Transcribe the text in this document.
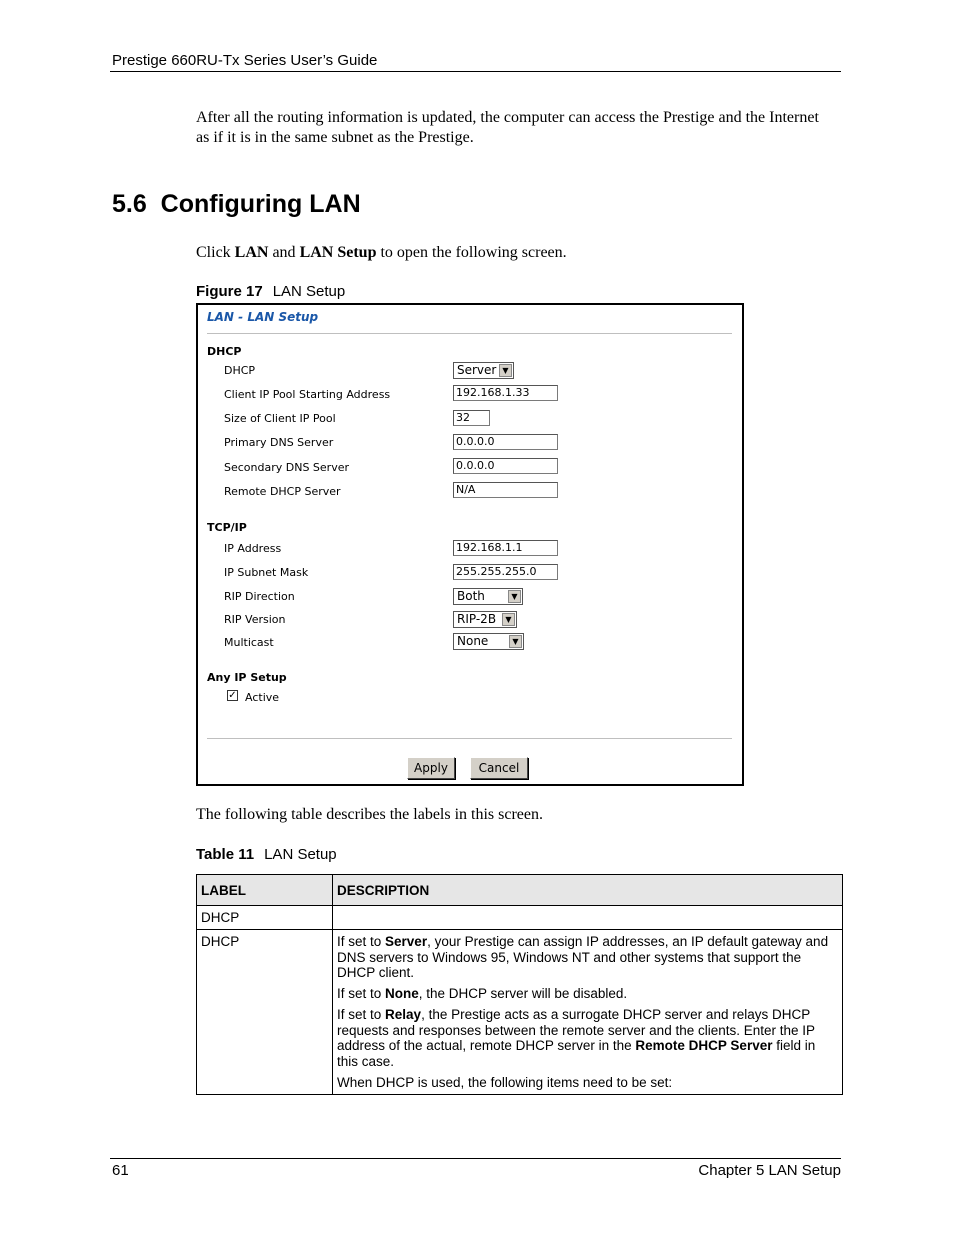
Prestige 660RU-Tx Series User’s Guide
After all the routing information is updated, the computer can access the Prestige and the Internet as if it is in the same subnet as the Prestige.
5.6 Configuring LAN
Click LAN and LAN Setup to open the following screen.
Figure 17 LAN Setup
LAN - LAN Setup
DHCP
DHCP	Server ▼
Client IP Pool Starting Address	192.168.1.33
Size of Client IP Pool	32
Primary DNS Server	0.0.0.0
Secondary DNS Server	0.0.0.0
Remote DHCP Server	N/A
TCP/IP
IP Address	192.168.1.1
IP Subnet Mask	255.255.255.0
RIP Direction	Both	▼
RIP Version	RIP-2B	▼
Multicast	None	▼
Any IP Setup
✓ Active
Apply	Cancel
The following table describes the labels in this screen.
Table 11 LAN Setup
LABEL	DESCRIPTION
DHCP	
DHCP	If set to Server, your Prestige can assign IP addresses, an IP default gateway and DNS servers to Windows 95, Windows NT and other systems that support the DHCP client.

If set to None, the DHCP server will be disabled.

If set to Relay, the Prestige acts as a surrogate DHCP server and relays DHCP requests and responses between the remote server and the clients. Enter the IP address of the actual, remote DHCP server in the Remote DHCP Server field in this case.

When DHCP is used, the following items need to be set:

61	Chapter 5 LAN Setup
